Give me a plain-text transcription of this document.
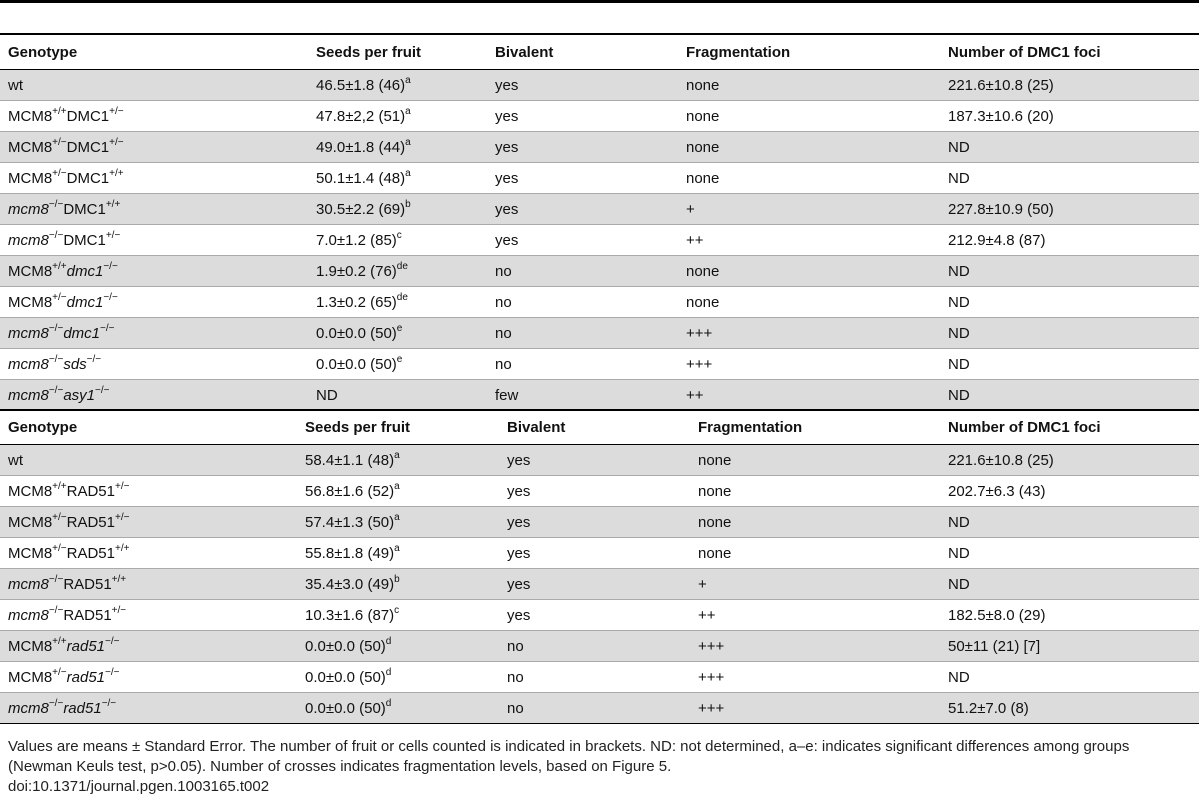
Genotype	Seeds per fruit	Bivalent	Fragmentation	Number of DMC1 foci
wt	46.5±1.8 $(46)^a$	yes	none	221.6±10.8 (25)
MCM8+/+DMC1+/−	47.8±2,2 $(51)^a$	yes	none	187.3±10.6 (20)
MCM8+/−DMC1+/−	49.0±1.8 $(44)^a$	yes	none	ND
MCM8+/−DMC1+/+	50.1±1.4 $(48)^a$	yes	none	ND
mcm8−/−DMC1+/+	30.5±2.2 $(69)^b$	yes	+	227.8±10.9 (50)
mcm8−/−DMC1+/−	7.0±1.2 $(85)^c$	yes	++	212.9±4.8 (87)
MCM8+/+dmc1−/−	1.9±0.2 $(76)^{de}$	no	none	ND
MCM8+/−dmc1−/−	1.3±0.2 $(65)^{de}$	no	none	ND
mcm8−/−dmc1−/−	0.0±0.0 $(50)^e$	no	+++	ND
mcm8−/−sds−/−	0.0±0.0 $(50)^e$	no	+++	ND
mcm8−/−asy1−/−	ND	few	++	ND
Genotype	Seeds per fruit	Bivalent	Fragmentation	Number of DMC1 foci
wt	58.4±1.1 $(48)^a$	yes	none	221.6±10.8 (25)
MCM8+/+RAD51+/−	56.8±1.6 $(52)^a$	yes	none	202.7±6.3 (43)
MCM8+/−RAD51+/−	57.4±1.3 $(50)^a$	yes	none	ND
MCM8+/−RAD51+/+	55.8±1.8 $(49)^a$	yes	none	ND
mcm8−/−RAD51+/+	35.4±3.0 $(49)^b$	yes	+	ND
mcm8−/−RAD51+/−	10.3±1.6 $(87)^c$	yes	++	182.5±8.0 (29)
MCM8+/+rad51−/−	0.0±0.0 $(50)^d$	no	+++	50±11 (21) [7]
MCM8+/−rad51−/−	0.0±0.0 $(50)^d$	no	+++	ND
mcm8−/−rad51−/−	0.0±0.0 $(50)^d$	no	+++	51.2±7.0 (8)
Values are means ± Standard Error. The number of fruit or cells counted is indicated in brackets. ND: not determined, a–e: indicates significant differences among groups (Newman Keuls test, p>0.05). Number of crosses indicates fragmentation levels, based on Figure 5.
doi:10.1371/journal.pgen.1003165.t002
